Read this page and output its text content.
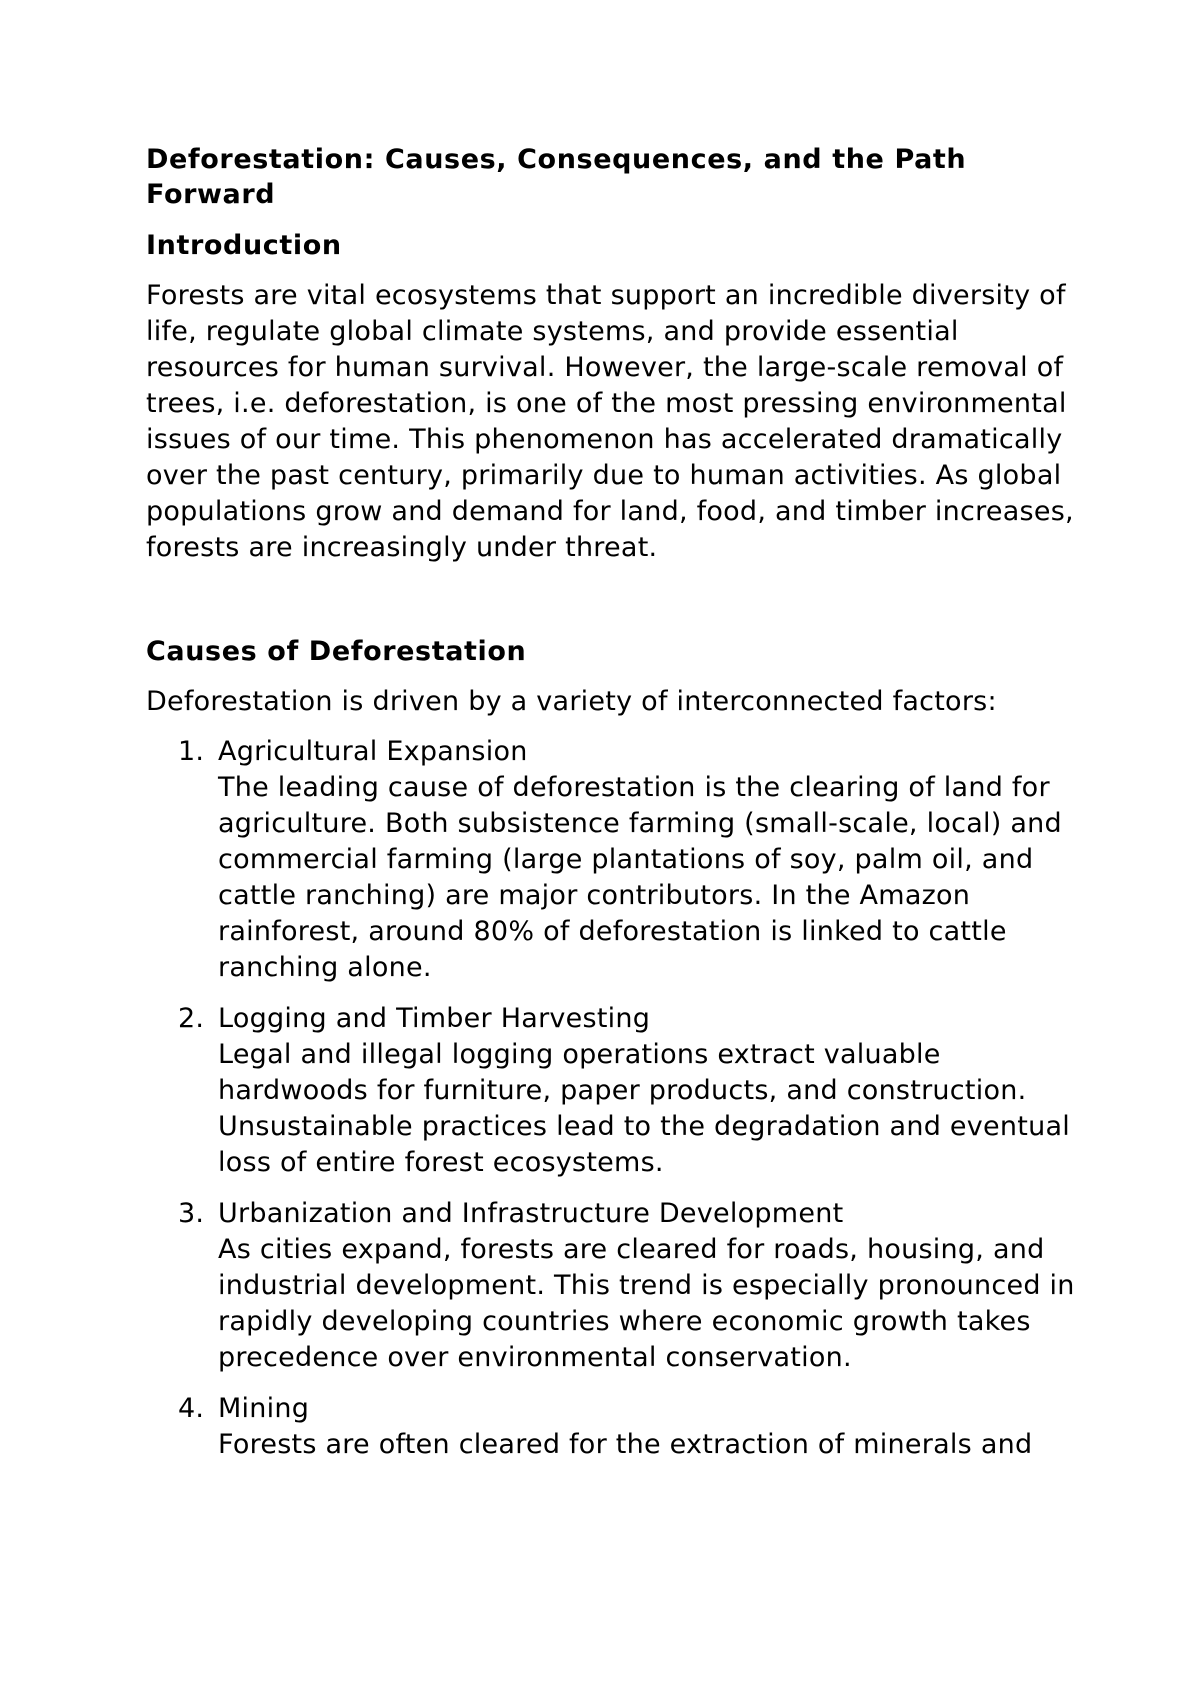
Deforestation: Causes, Consequences, and the Path Forward
Introduction

Forests are vital ecosystems that support an incredible diversity of life, regulate global climate systems, and provide essential resources for human survival. However, the large-scale removal of trees, i.e. deforestation, is one of the most pressing environmental issues of our time. This phenomenon has accelerated dramatically over the past century, primarily due to human activities. As global populations grow and demand for land, food, and timber increases, forests are increasingly under threat.

Causes of Deforestation

Deforestation is driven by a variety of interconnected factors:

1. Agricultural Expansion
The leading cause of deforestation is the clearing of land for agriculture. Both subsistence farming (small-scale, local) and commercial farming (large plantations of soy, palm oil, and cattle ranching) are major contributors. In the Amazon rainforest, around 80% of deforestation is linked to cattle ranching alone.
2. Logging and Timber Harvesting
Legal and illegal logging operations extract valuable hardwoods for furniture, paper products, and construction. Unsustainable practices lead to the degradation and eventual loss of entire forest ecosystems.
3. Urbanization and Infrastructure Development
As cities expand, forests are cleared for roads, housing, and industrial development. This trend is especially pronounced in rapidly developing countries where economic growth takes precedence over environmental conservation.
4. Mining
Forests are often cleared for the extraction of minerals and
